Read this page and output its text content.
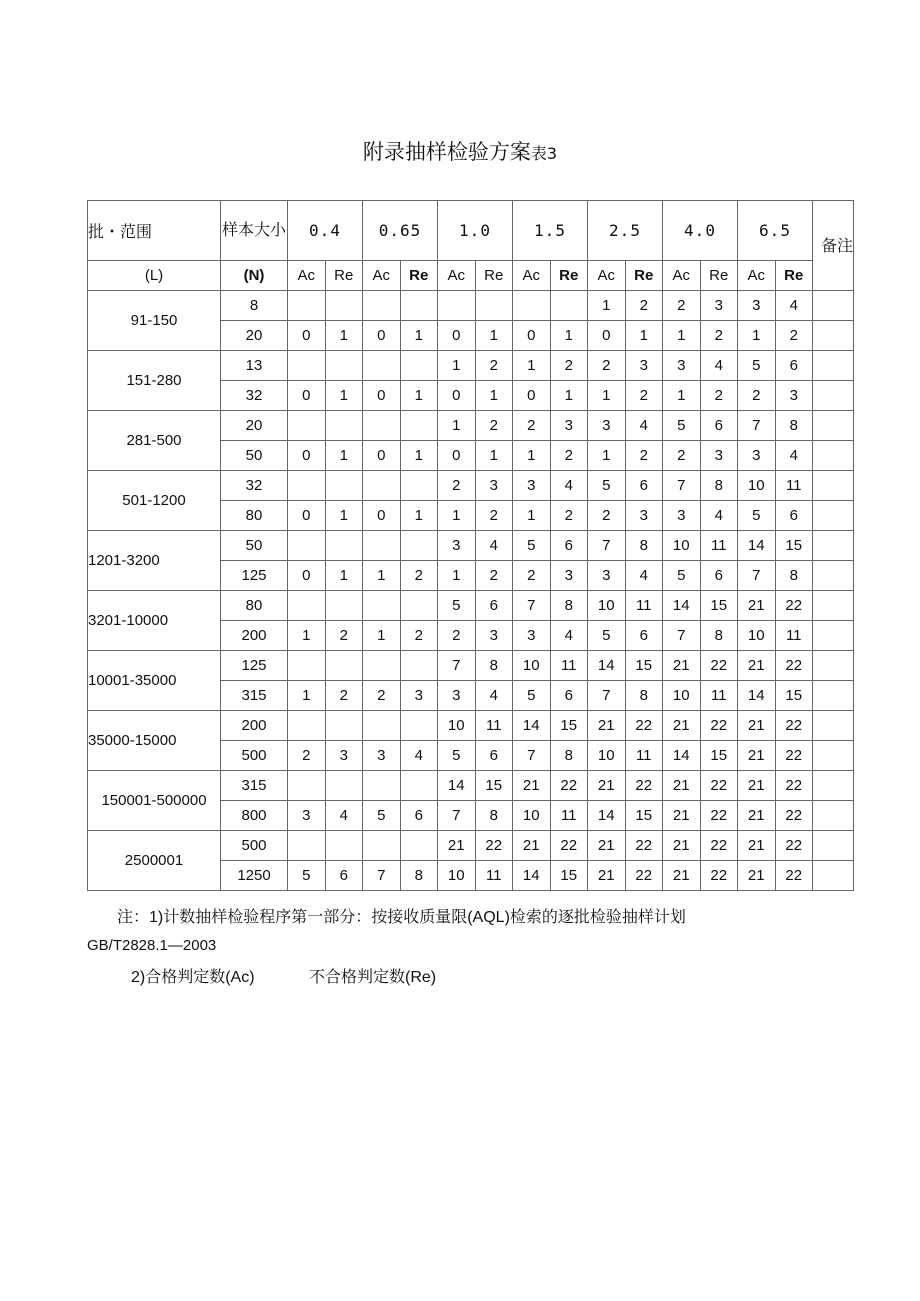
附录抽样检验方案表3
批・范围	样本大小	0.4		0.65		1.0		1.5		2.5		4.0		6.5		备注
(L)	(N)	Ac	Re	Ac	Re	Ac	Re	Ac	Re	Ac	Re	Ac	Re	Ac	Re	
91-150	8									1	2	2	3	3	4	
	20	0	1	0	1	0	1	0	1	0	1	1	2	1	2	
151-280	13					1	2	1	2	2	3	3	4	5	6	
	32	0	1	0	1	0	1	0	1	1	2	1	2	2	3	
281-500	20					1	2	2	3	3	4	5	6	7	8	
	50	0	1	0	1	0	1	1	2	1	2	2	3	3	4	
501-1200	32					2	3	3	4	5	6	7	8	10	11	
	80	0	1	0	1	1	2	1	2	2	3	3	4	5	6	
1201-3200	50					3	4	5	6	7	8	10	11	14	15	
	125	0	1	1	2	1	2	2	3	3	4	5	6	7	8	
3201-10000	80					5	6	7	8	10	11	14	15	21	22	
	200	1	2	1	2	2	3	3	4	5	6	7	8	10	11	
10001-35000	125					7	8	10	11	14	15	21	22	21	22	
	315	1	2	2	3	3	4	5	6	7	8	10	11	14	15	
35000-15000	200					10	11	14	15	21	22	21	22	21	22	
	500	2	3	3	4	5	6	7	8	10	11	14	15	21	22	
150001-500000	315					14	15	21	22	21	22	21	22	21	22	
	800	3	4	5	6	7	8	10	11	14	15	21	22	21	22	
2500001	500					21	22	21	22	21	22	21	22	21	22	
	1250	5	6	7	8	10	11	14	15	21	22	21	22	21	22	
注：1)计数抽样检验程序第一部分：按接收质量限(AQL)检索的逐批检验抽样计划
GB/T2828.1—2003
2)合格判定数(Ac)	不合格判定数(Re)
